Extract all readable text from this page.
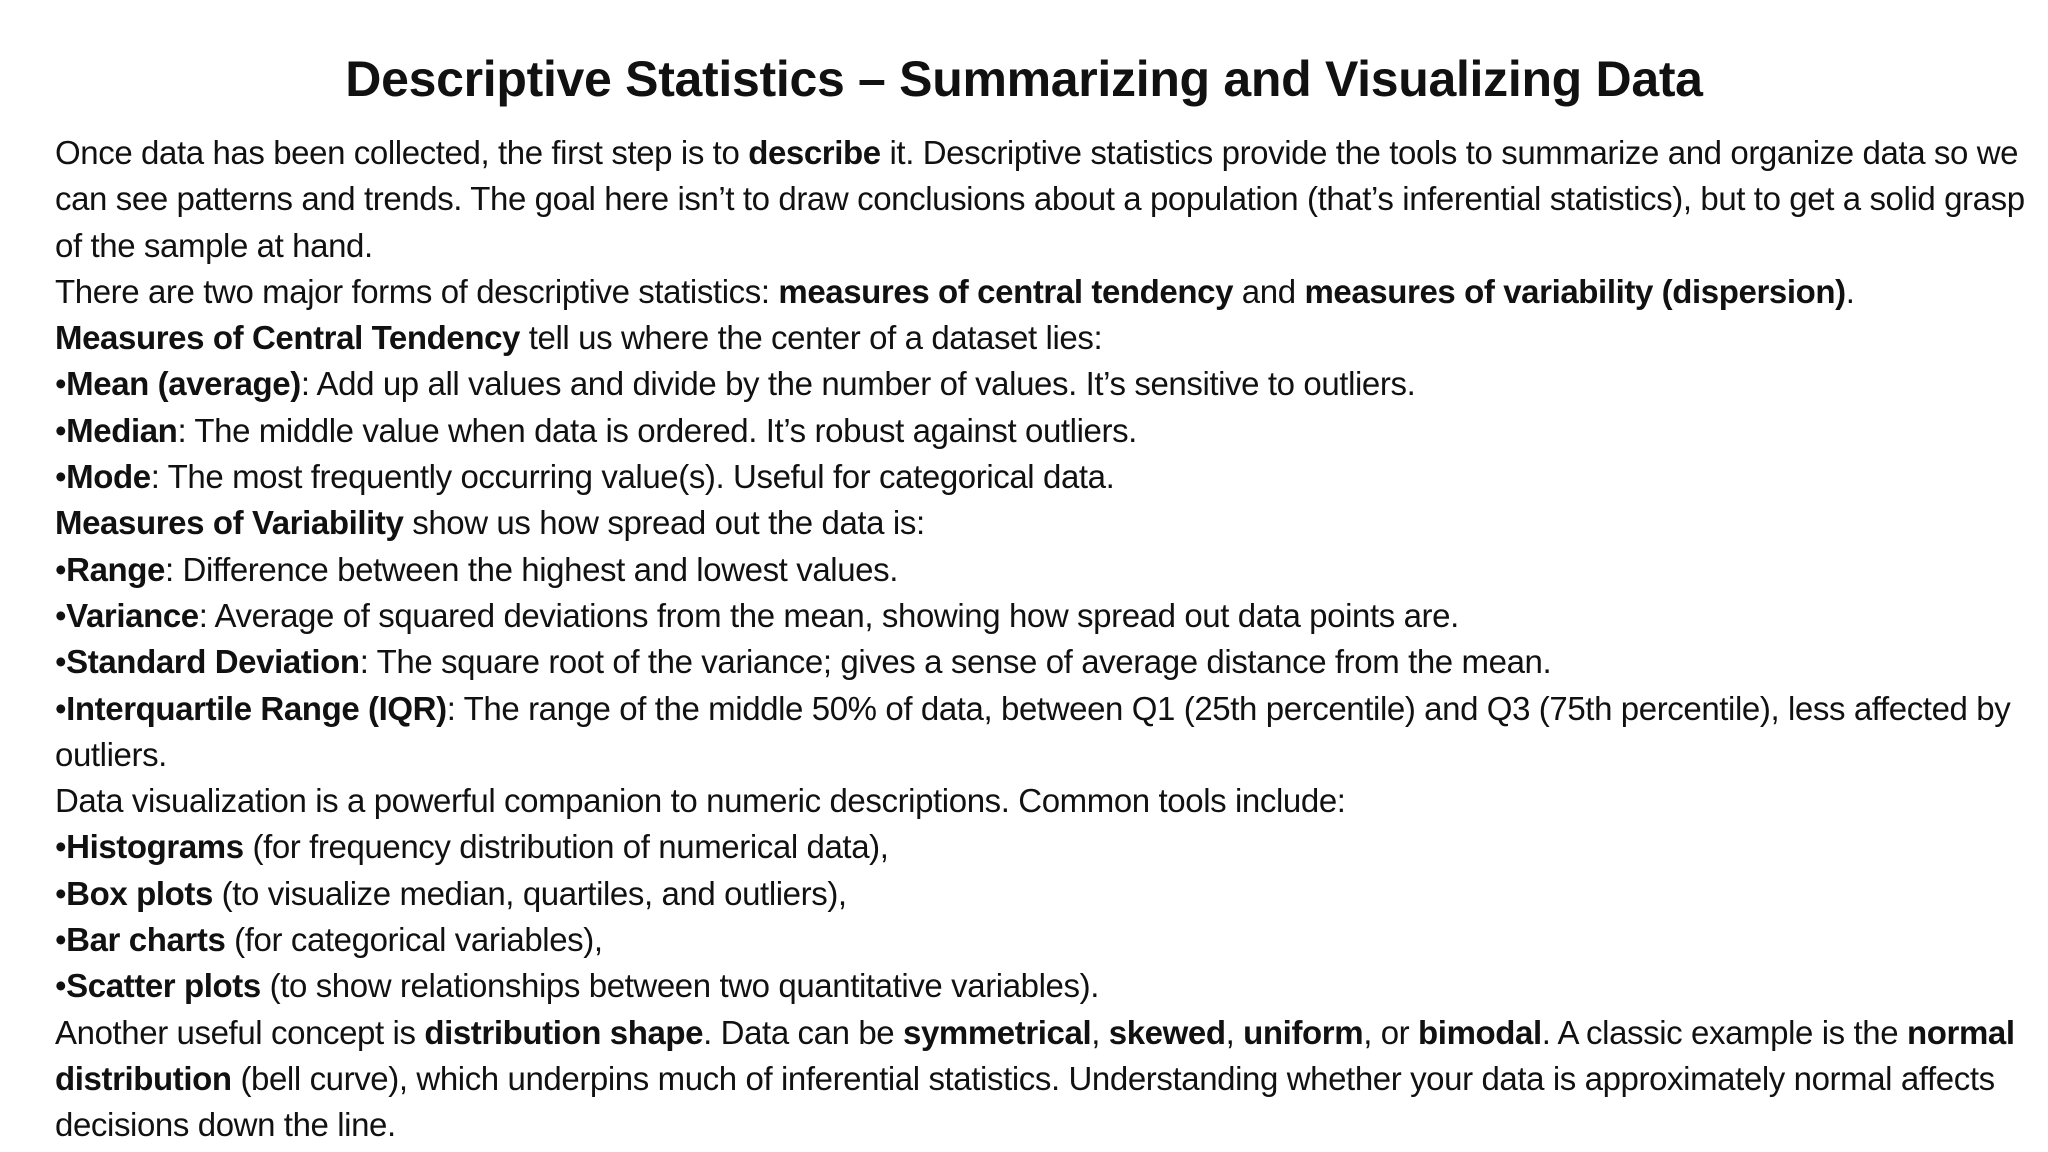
Descriptive Statistics – Summarizing and Visualizing Data

Once data has been collected, the first step is to describe it. Descriptive statistics provide the tools to summarize and organize data so we can see patterns and trends. The goal here isn’t to draw conclusions about a population (that’s inferential statistics), but to get a solid grasp of the sample at hand.

There are two major forms of descriptive statistics: measures of central tendency and measures of variability (dispersion).

Measures of Central Tendency tell us where the center of a dataset lies:

•Mean (average): Add up all values and divide by the number of values. It’s sensitive to outliers.

•Median: The middle value when data is ordered. It’s robust against outliers.

•Mode: The most frequently occurring value(s). Useful for categorical data.

Measures of Variability show us how spread out the data is:

•Range: Difference between the highest and lowest values.

•Variance: Average of squared deviations from the mean, showing how spread out data points are.

•Standard Deviation: The square root of the variance; gives a sense of average distance from the mean.

•Interquartile Range (IQR): The range of the middle 50% of data, between Q1 (25th percentile) and Q3 (75th percentile), less affected by outliers.

Data visualization is a powerful companion to numeric descriptions. Common tools include:

•Histograms (for frequency distribution of numerical data),

•Box plots (to visualize median, quartiles, and outliers),

•Bar charts (for categorical variables),

•Scatter plots (to show relationships between two quantitative variables).

Another useful concept is distribution shape. Data can be symmetrical, skewed, uniform, or bimodal. A classic example is the normal distribution (bell curve), which underpins much of inferential statistics. Understanding whether your data is approximately normal affects decisions down the line.
